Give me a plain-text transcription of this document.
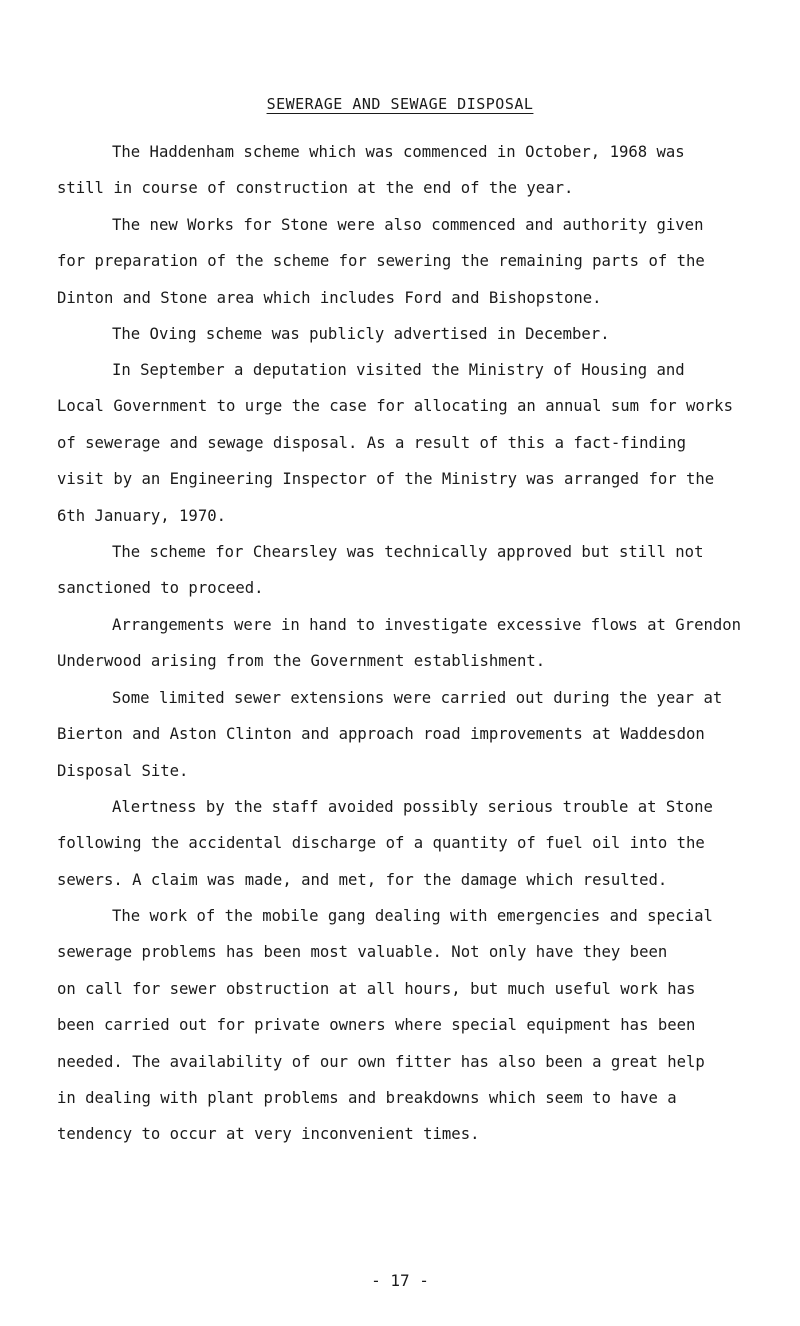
SEWERAGE AND SEWAGE DISPOSAL

The Haddenham scheme which was commenced in October, 1968 was
still in course of construction at the end of the year.

The new Works for Stone were also commenced and authority given
for preparation of the scheme for sewering the remaining parts of the
Dinton and Stone area which includes Ford and Bishopstone.

The Oving scheme was publicly advertised in December.

In September a deputation visited the Ministry of Housing and
Local Government to urge the case for allocating an annual sum for works
of sewerage and sewage disposal. As a result of this a fact-finding
visit by an Engineering Inspector of the Ministry was arranged for the
6th January, 1970.

The scheme for Chearsley was technically approved but still not
sanctioned to proceed.

Arrangements were in hand to investigate excessive flows at Grendon
Underwood arising from the Government establishment.

Some limited sewer extensions were carried out during the year at
Bierton and Aston Clinton and approach road improvements at Waddesdon
Disposal Site.

Alertness by the staff avoided possibly serious trouble at Stone
following the accidental discharge of a quantity of fuel oil into the
sewers. A claim was made, and met, for the damage which resulted.

The work of the mobile gang dealing with emergencies and special
sewerage problems has been most valuable. Not only have they been
on call for sewer obstruction at all hours, but much useful work has
been carried out for private owners where special equipment has been
needed. The availability of our own fitter has also been a great help
in dealing with plant problems and breakdowns which seem to have a
tendency to occur at very inconvenient times.

- 17 -
